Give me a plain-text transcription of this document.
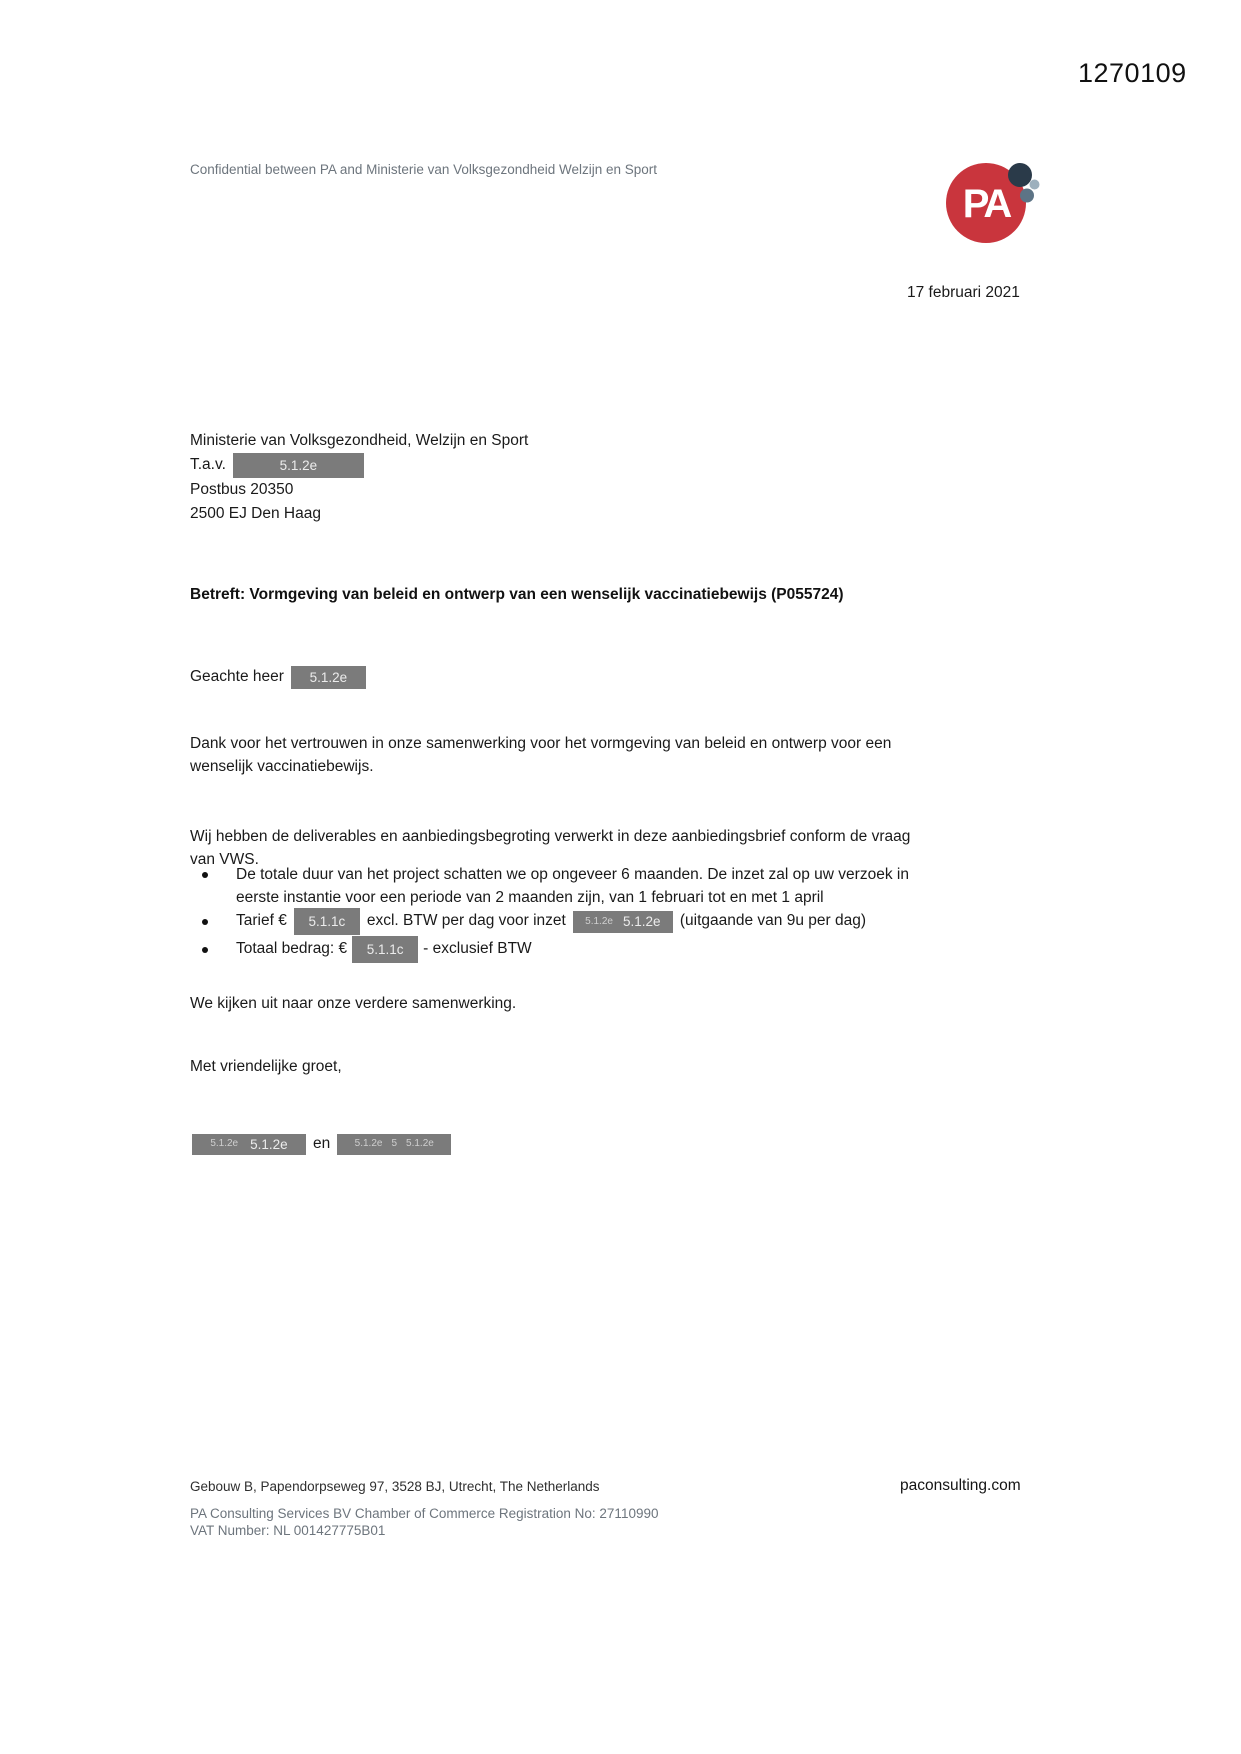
1270109
Confidential between PA and Ministerie van Volksgezondheid Welzijn en Sport
PA
17 februari 2021
Ministerie van Volksgezondheid, Welzijn en Sport
T.a.v.	5.1.2e
Postbus 20350
2500 EJ Den Haag
Betreft: Vormgeving van beleid en ontwerp van een wenselijk vaccinatiebewijs (P055724)
Geachte heer 5.1.2e
Dank voor het vertrouwen in onze samenwerking voor het vormgeving van beleid en ontwerp voor een
wenselijk vaccinatiebewijs.
Wij hebben de deliverables en aanbiedingsbegroting verwerkt in deze aanbiedingsbrief conform de vraag
van VWS.
De totale duur van het project schatten we op ongeveer 6 maanden. De inzet zal op uw verzoek in
eerste instantie voor een periode van 2 maanden zijn, van 1 februari tot en met 1 april
Tarief € 5.1.1c excl. BTW per dag voor inzet 5.1.2e 5.1.2e (uitgaande van 9u per dag)
Totaal bedrag: € 5.1.1c - exclusief BTW
We kijken uit naar onze verdere samenwerking.
Met vriendelijke groet,
5.1.2e 5.1.2e en 5.1.2e 5 5.1.2e
Gebouw B, Papendorpseweg 97, 3528 BJ, Utrecht, The Netherlands	paconsulting.com
PA Consulting Services BV Chamber of Commerce Registration No: 27110990
VAT Number: NL 001427775B01
